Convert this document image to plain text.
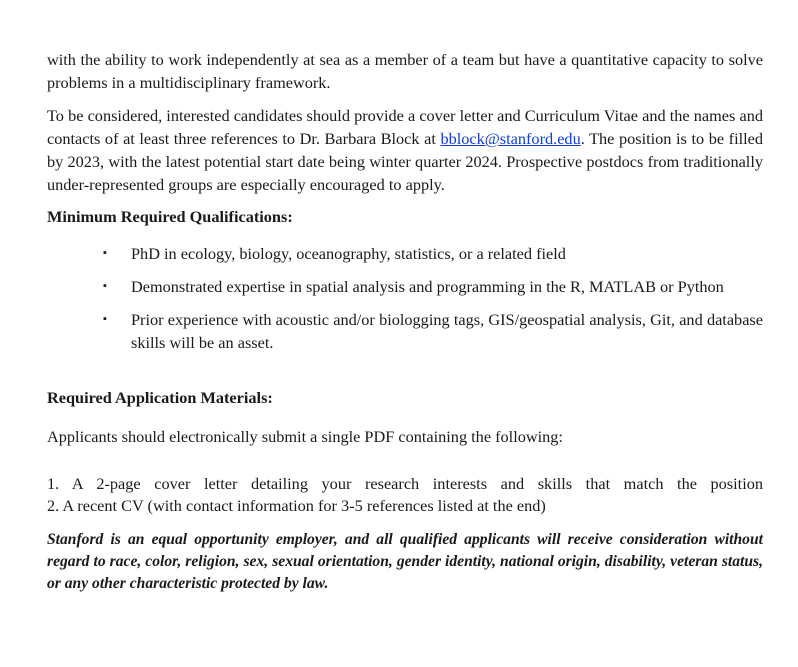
with the ability to work independently at sea as a member of a team but have a quantitative capacity to solve problems in a multidisciplinary framework.

To be considered, interested candidates should provide a cover letter and Curriculum Vitae and the names and contacts of at least three references to Dr. Barbara Block at bblock@stanford.edu. The position is to be filled by 2023, with the latest potential start date being winter quarter 2024. Prospective postdocs from traditionally under-represented groups are especially encouraged to apply.

Minimum Required Qualifications:
▪ PhD in ecology, biology, oceanography, statistics, or a related field
▪ Demonstrated expertise in spatial analysis and programming in the R, MATLAB or Python
▪ Prior experience with acoustic and/or biologging tags, GIS/geospatial analysis, Git, and database skills will be an asset.
Required Application Materials:

Applicants should electronically submit a single PDF containing the following:

1. A 2-page cover letter detailing your research interests and skills that match the position

2. A recent CV (with contact information for 3-5 references listed at the end)

Stanford is an equal opportunity employer, and all qualified applicants will receive consideration without regard to race, color, religion, sex, sexual orientation, gender identity, national origin, disability, veteran status, or any other characteristic protected by law.
